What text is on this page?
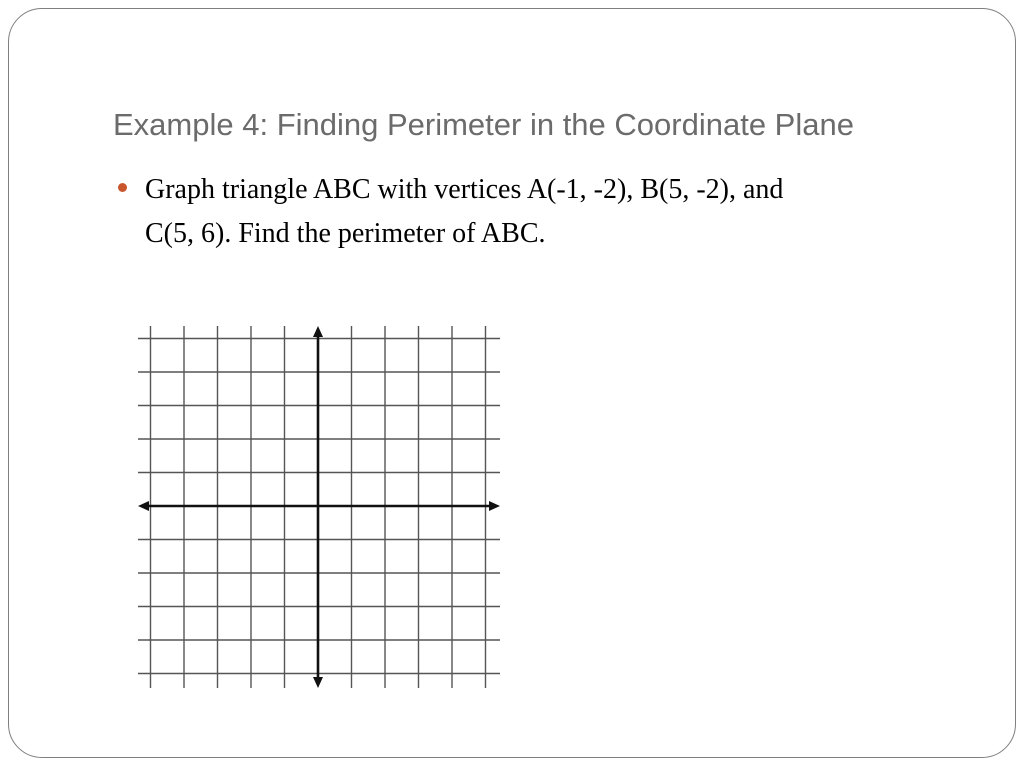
Example 4: Finding Perimeter in the Coordinate Plane

Graph triangle ABC with vertices A(-1, -2), B(5, -2), and
C(5, 6). Find the perimeter of ABC.
